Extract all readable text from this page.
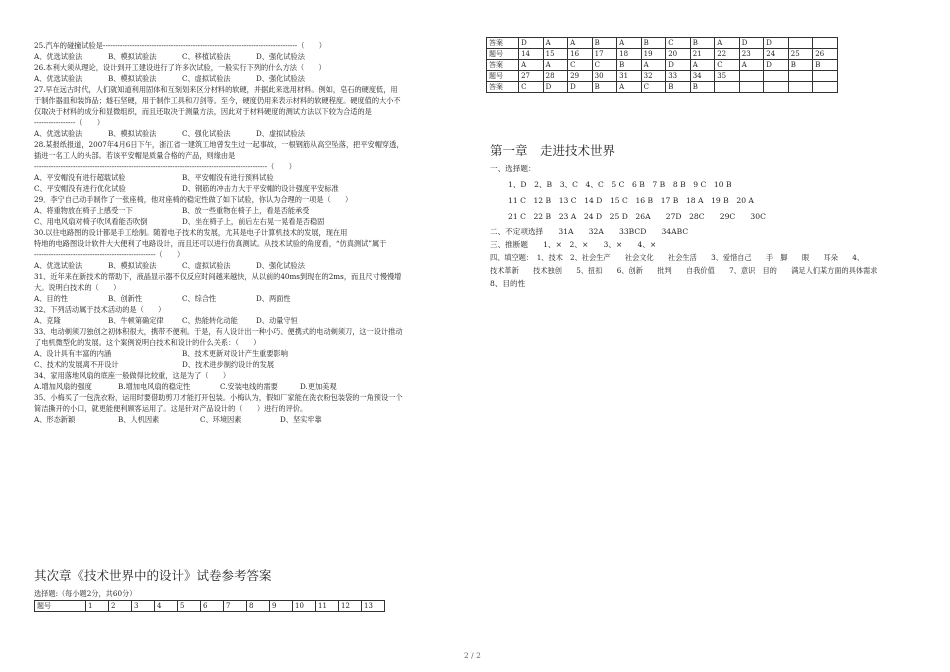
25.汽车的碰撞试验是--------------------------------------------------------------------------------（　　）
A、优选试验法	B、模拟试验法	C、移植试验法	D、强化试验法
26.本利大须从理论，设计到开工建设进行了许多次试验，一般实行下列的什么方法（　　）
A、优选试验法	B、模拟试验法	C、虚拟试验法	D、强化试验法
27.早在远古时代，人们就知道利用固体和互刻划来区分材料的软硬，并据此来选用材料。例如，皂石的硬度低，用
于制作器皿和装饰品；燧石坚硬，用于制作工具和刀剑等。至今，硬度仍用来表示材料的软硬程度。硬度值的大小不
仅取决于材料的成分和显微组织，而且还取决于测量方法，因此对于材料硬度的测试方法以下较为合适的是
-----------------（　　）
A、优选试验法	B、模拟试验法	C、强化试验法	D、虚拟试验法
28.某报纸报道，2007年4月6日下午，浙江省一建筑工地曾发生过一起事故，一根钢筋从高空坠落，把平安帽穿透，
插进一名工人的头部。若该平安帽是质量合格的产品，则缘由是
------------------------------------------------------------------------------------------------（　　）
A、平安帽没有进行超载试验	B、平安帽没有进行预料试验
C、平安帽没有进行优化试验	D、钢筋的冲击力大于平安帽的设计强度平安标准
29．李宁自己动手制作了一张座椅，他对座椅的稳定性做了如下试验，你认为合理的一项是（　　）
A、将重物放在椅子上感受一下	B、放一些重物在椅子上，看是否能承受
C、用电风扇对椅子吹风看能否吹倒	D、坐在椅子上，前后左右晃一晃看是否稳固
30.以往电路图的设计都是手工绘制。随着电子技术的发展，尤其是电子计算机技术的发展，现在用
特地的电路图设计软件大大便利了电路设计，而且还可以进行仿真测试。从技术试验的角度看，“仿真测试”属于
--------------------------------------------------（　　）
A、优选试验法	B、模拟试验法	C、虚拟试验法	D、强化试验法
31、近年来在新技术的帮助下，液晶显示器不仅反应时间越来越快，从以前的40ms到现在的2ms，而且尺寸慢慢增
大。说明白技术的（　　）
A、目的性	B、创新性	C、综合性	D、两面性
32、下列活动属于技术活动的是（　　）
A、克隆	B、牛顿第确定律	C、热能转化动能	D、动量守恒
33、电动剃须刀独创之初体积很大，携带不便利。于是，有人设计出一种小巧、便携式的电动剃须刀，这一设计推动
了电机微型化的发展。这个案例说明白技术和设计的什么关系：（　　）
A、设计具有丰富的内涵	B、技术更新对设计产生重要影响
C、技术的发展离不开设计	D、技术进步制约设计的发展
34、家用落地风扇的底座一般做得比较重，这是为了（　　）
A.增加风扇的强度	B.增加电风扇的稳定性	C.安装电线的需要	D.更加美观
35、小梅买了一包洗衣粉，运用时要借助剪刀才能打开包装。小梅认为，假如厂家能在洗衣粉包装袋的一角预设一个
简洁撕开的小口，就更能便利顾客运用了。这是针对产品设计的（　　）进行的评价。
A、形态新颖	B、人机因素	C、环境因素	D、坚实牢靠
其次章《技术世界中的设计》试卷参考答案
选择题:（每小题2分，共60分）
题号	1	2	3	4	5	6	7	8	9	10	11	12	13
答案	D	A	A	B	A	B	C	B	A	D	D		
题号	14	15	16	17	18	19	20	21	22	23	24	25	26
答案	A	A	C	C	B	A	D	A	C	A	D	B	B
题号	27	28	29	30	31	32	33	34	35				
答案	C	D	D	B	A	C	B	B					
第一章　走进技术世界
一、选择题：
1、D　2、B　3、C　4、C　5 C　6 B　7 B　8 B　9 C　10 B
11 C　12 B　13 C　14 D　15 C　16 B　17 B　18 A　19 B　20 A
21 C　22 B　23 A　24 D　25 D　26A　　27D　28C　　29C　　30C
二、不定项选择　　31A　　32A　　33BCD　　34ABC
三、推断题　　1、×　2、×　　3、×　　4、×
四、填空题：　1、技术　2、社会生产　　社会文化　　社会生活　　3、爱惜自己　　手　脚　　眼　　耳朵　　4、
技术革新　　技术独创　　5、扭扣　　6、创新　　批判　　自我价值　　7、意识　目的　　满足人们某方面的具体需求
8、目的性
2 / 2
